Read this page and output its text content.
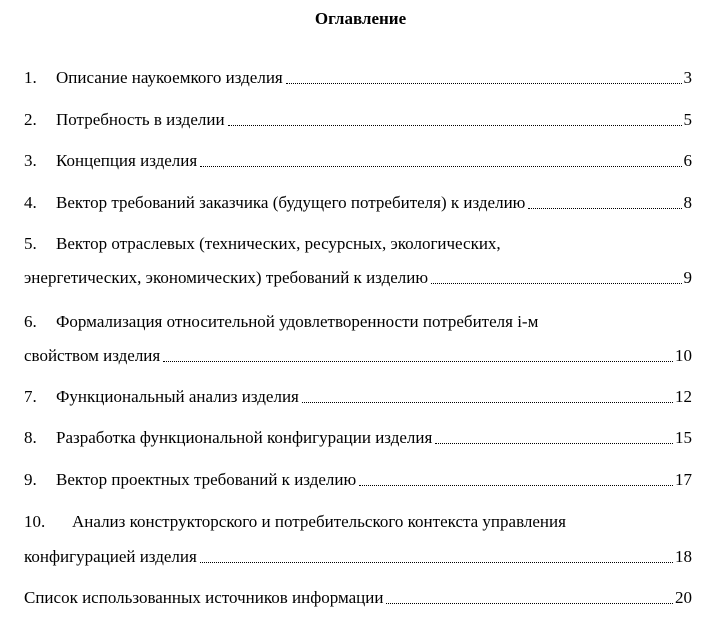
Оглавление
1.	Описание наукоемкого изделия	3
2.	Потребность в изделии	5
3.	Концепция изделия	6
4.	Вектор требований заказчика (будущего потребителя) к изделию	8
5. Вектор отраслевых (технических, ресурсных, экологических,
энергетических, экономических) требований к изделию	9
6. Формализация относительной удовлетворенности потребителя i-м
свойством изделия	10
7.	Функциональный анализ изделия	12
8.	Разработка функциональной конфигурации изделия	15
9.	Вектор проектных требований к изделию	17
10. Анализ конструкторского и потребительского контекста управления
конфигурацией изделия	18
Список использованных источников информации	20
